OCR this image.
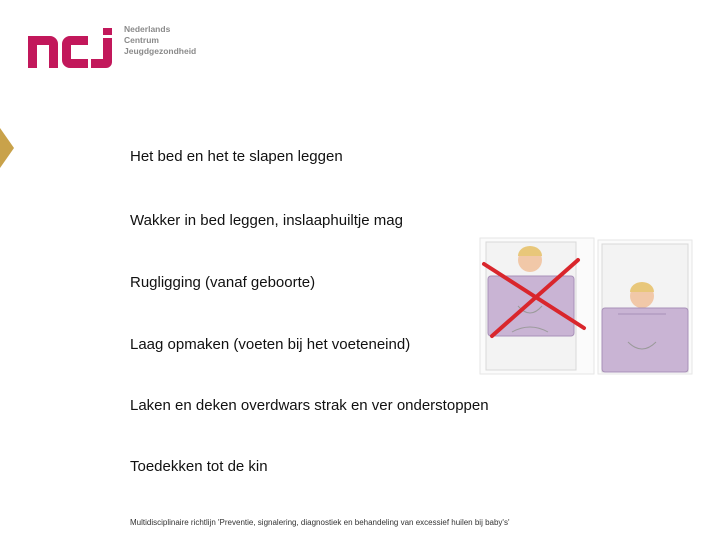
Nederlands
Centrum
Jeugdgezondheid
Het bed en het te slapen leggen
Wakker in bed leggen, inslaaphuiltje mag
Rugligging (vanaf geboorte)
Laag opmaken (voeten bij het voeteneind)
Laken en deken overdwars strak en ver onderstoppen
Toedekken tot de kin
Multidisciplinaire richtlijn 'Preventie, signalering, diagnostiek en behandeling van excessief huilen bij baby's'
